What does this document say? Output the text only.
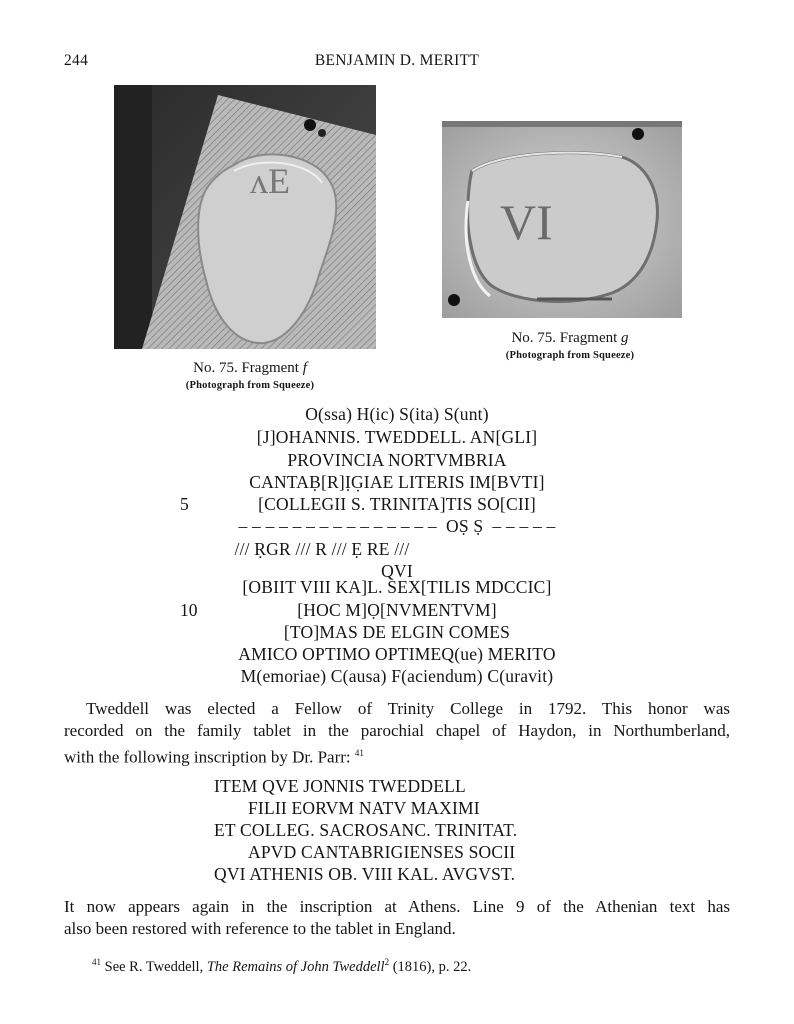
244	BENJAMIN D. MERITT
ᴧE
VI
No. 75. Fragment f
(Photograph from Squeeze)
No. 75. Fragment g
(Photograph from Squeeze)
O(ssa) H(ic) S(ita) S(unt)
[J]OHANNIS. TWEDDELL. AN[GLI]
PROVINCIA NORTVMBRIA
CANTAḄ[R]ỊG̣IAE LITERIS IM[BVTI]
[COLLEGII S. TRINITA]TIS SO[CII]
5
– – – – – – – – – – – – – – –  OṢ Ṣ  – – – – –
/// ṚGR /// R /// Ẹ RE ///
QVI
[OBIIT VIII KA]L. SEX[TILIS MDCCIC]
[HOC M]Ọ[NVMENTVM]
10
[TO]MAS DE ELGIN COMES
AMICO OPTIMO OPTIMEQ(ue) MERITO
M(emoriae) C(ausa) F(aciendum) C(uravit)
Tweddell was elected a Fellow of Trinity College in 1792. This honor was
recorded on the family tablet in the parochial chapel of Haydon, in Northumberland,
with the following inscription by Dr. Parr: $^{41}$
ITEM QVE JONNIS TWEDDELL
FILII EORVM NATV MAXIMI
ET COLLEG. SACROSANC. TRINITAT.
APVD CANTABRIGIENSES SOCII
QVI ATHENIS OB. VIII KAL. AVGVST.
It now appears again in the inscription at Athens. Line 9 of the Athenian text has
also been restored with reference to the tablet in England.
$^{41}$ See R. Tweddell, The Remains of John Tweddell$^2$ (1816), p. 22.
